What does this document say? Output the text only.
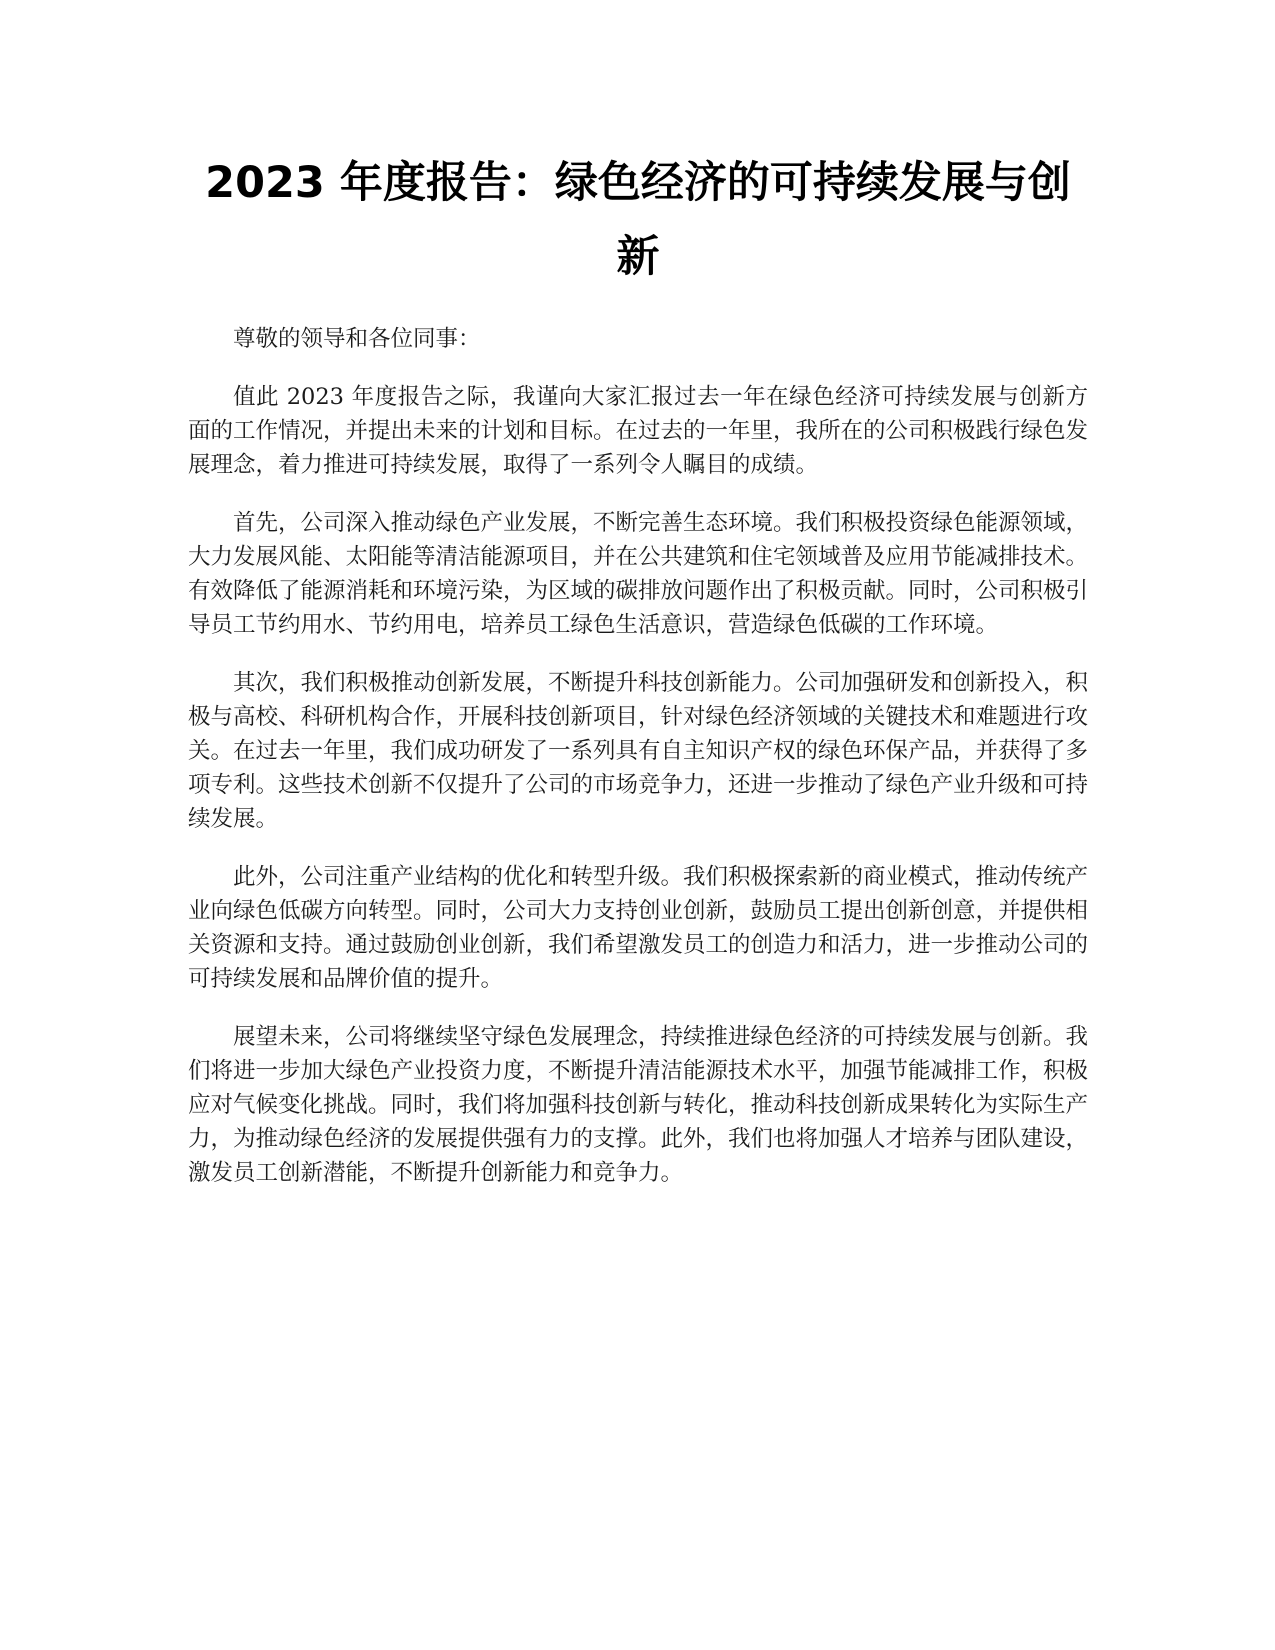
2023 年度报告：绿色经济的可持续发展与创新

尊敬的领导和各位同事：

值此 2023 年度报告之际，我谨向大家汇报过去一年在绿色经济可持续发展与创新方面的工作情况，并提出未来的计划和目标。在过去的一年里，我所在的公司积极践行绿色发展理念，着力推进可持续发展，取得了一系列令人瞩目的成绩。

首先，公司深入推动绿色产业发展，不断完善生态环境。我们积极投资绿色能源领域，大力发展风能、太阳能等清洁能源项目，并在公共建筑和住宅领域普及应用节能减排技术。有效降低了能源消耗和环境污染，为区域的碳排放问题作出了积极贡献。同时，公司积极引导员工节约用水、节约用电，培养员工绿色生活意识，营造绿色低碳的工作环境。

其次，我们积极推动创新发展，不断提升科技创新能力。公司加强研发和创新投入，积极与高校、科研机构合作，开展科技创新项目，针对绿色经济领域的关键技术和难题进行攻关。在过去一年里，我们成功研发了一系列具有自主知识产权的绿色环保产品，并获得了多项专利。这些技术创新不仅提升了公司的市场竞争力，还进一步推动了绿色产业升级和可持续发展。

此外，公司注重产业结构的优化和转型升级。我们积极探索新的商业模式，推动传统产业向绿色低碳方向转型。同时，公司大力支持创业创新，鼓励员工提出创新创意，并提供相关资源和支持。通过鼓励创业创新，我们希望激发员工的创造力和活力，进一步推动公司的可持续发展和品牌价值的提升。

展望未来，公司将继续坚守绿色发展理念，持续推进绿色经济的可持续发展与创新。我们将进一步加大绿色产业投资力度，不断提升清洁能源技术水平，加强节能减排工作，积极应对气候变化挑战。同时，我们将加强科技创新与转化，推动科技创新成果转化为实际生产力，为推动绿色经济的发展提供强有力的支撑。此外，我们也将加强人才培养与团队建设，激发员工创新潜能，不断提升创新能力和竞争力。
